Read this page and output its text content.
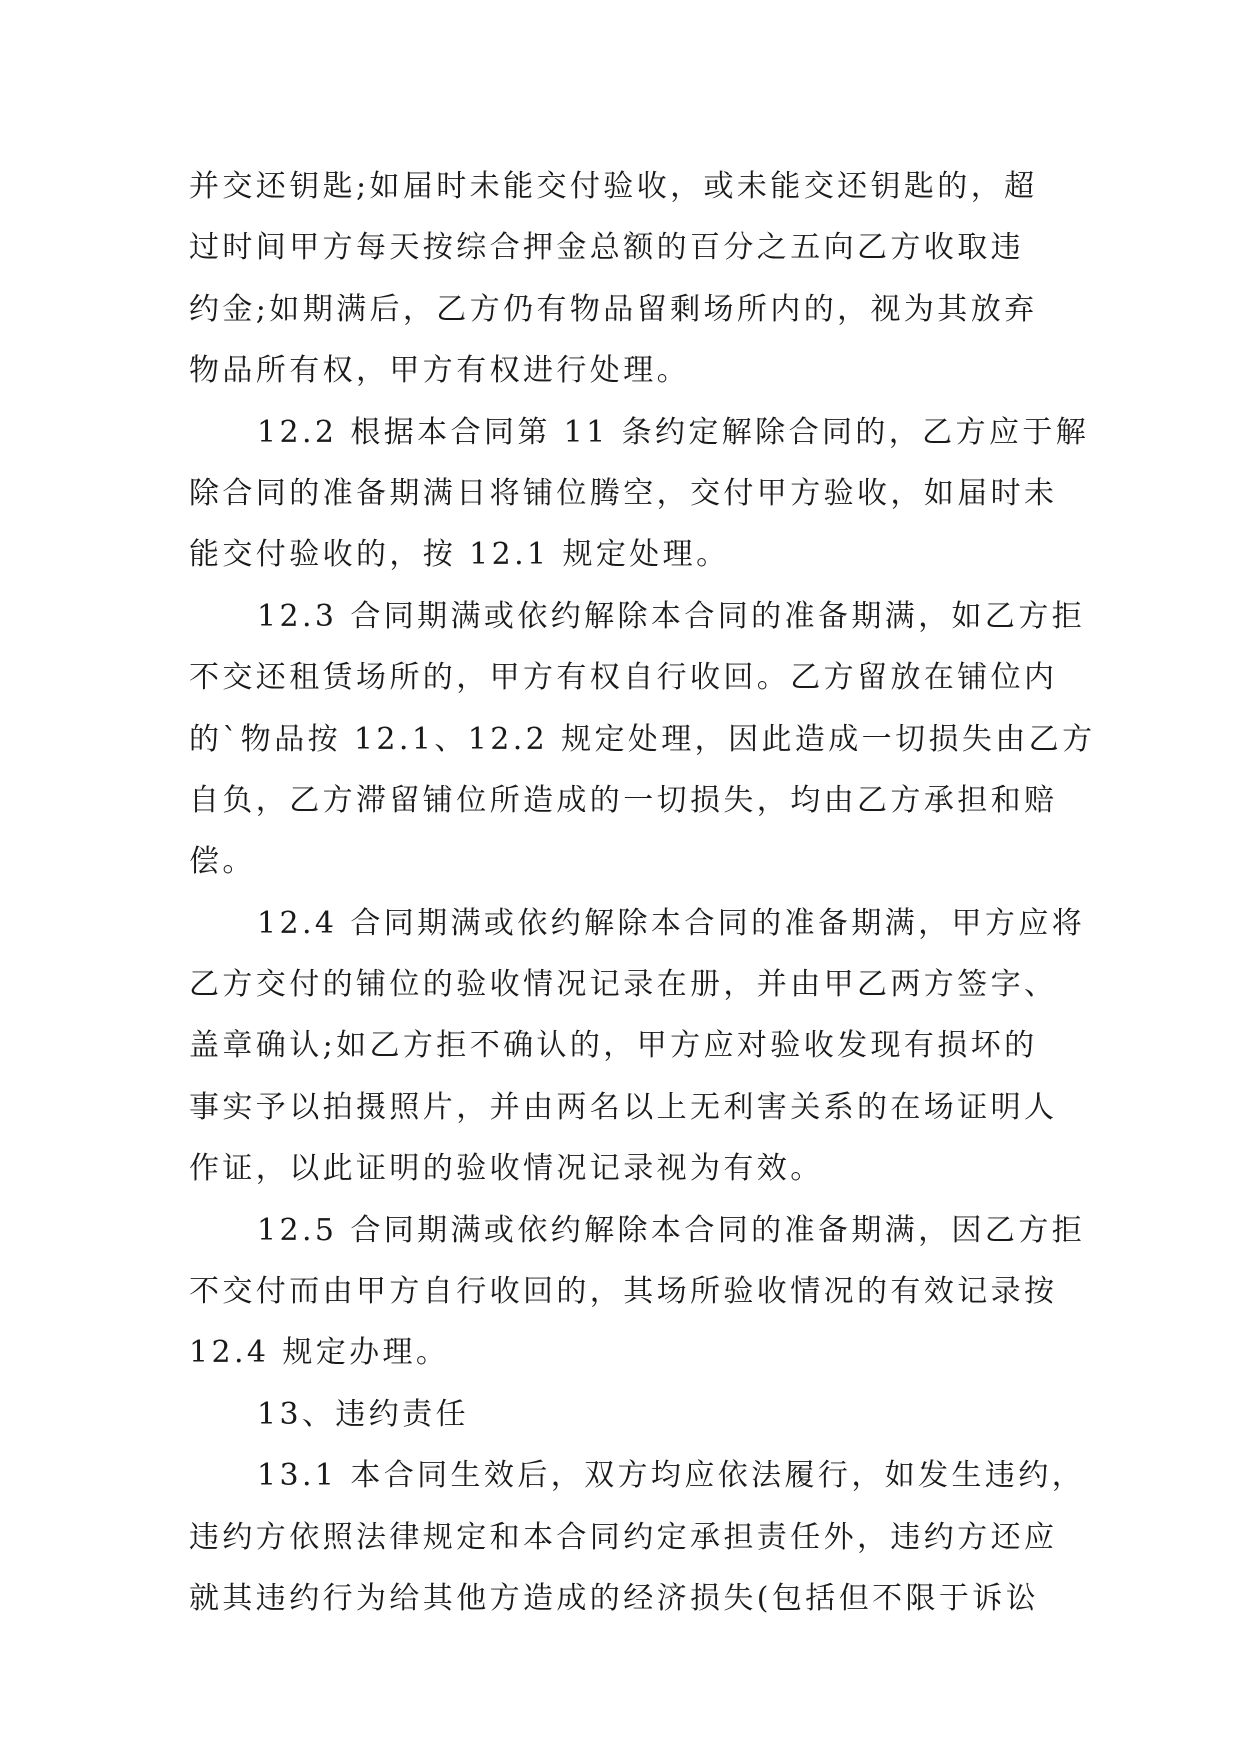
并交还钥匙;如届时未能交付验收，或未能交还钥匙的，超
过时间甲方每天按综合押金总额的百分之五向乙方收取违
约金;如期满后，乙方仍有物品留剩场所内的，视为其放弃
物品所有权，甲方有权进行处理。
12.2 根据本合同第 11 条约定解除合同的，乙方应于解
除合同的准备期满日将铺位腾空，交付甲方验收，如届时未
能交付验收的，按 12.1 规定处理。
12.3 合同期满或依约解除本合同的准备期满，如乙方拒
不交还租赁场所的，甲方有权自行收回。乙方留放在铺位内
的`物品按 12.1、12.2 规定处理，因此造成一切损失由乙方
自负，乙方滞留铺位所造成的一切损失，均由乙方承担和赔
偿。
12.4 合同期满或依约解除本合同的准备期满，甲方应将
乙方交付的铺位的验收情况记录在册，并由甲乙两方签字、
盖章确认;如乙方拒不确认的，甲方应对验收发现有损坏的
事实予以拍摄照片，并由两名以上无利害关系的在场证明人
作证，以此证明的验收情况记录视为有效。
12.5 合同期满或依约解除本合同的准备期满，因乙方拒
不交付而由甲方自行收回的，其场所验收情况的有效记录按
12.4 规定办理。
13、违约责任
13.1 本合同生效后，双方均应依法履行，如发生违约，
违约方依照法律规定和本合同约定承担责任外，违约方还应
就其违约行为给其他方造成的经济损失(包括但不限于诉讼
